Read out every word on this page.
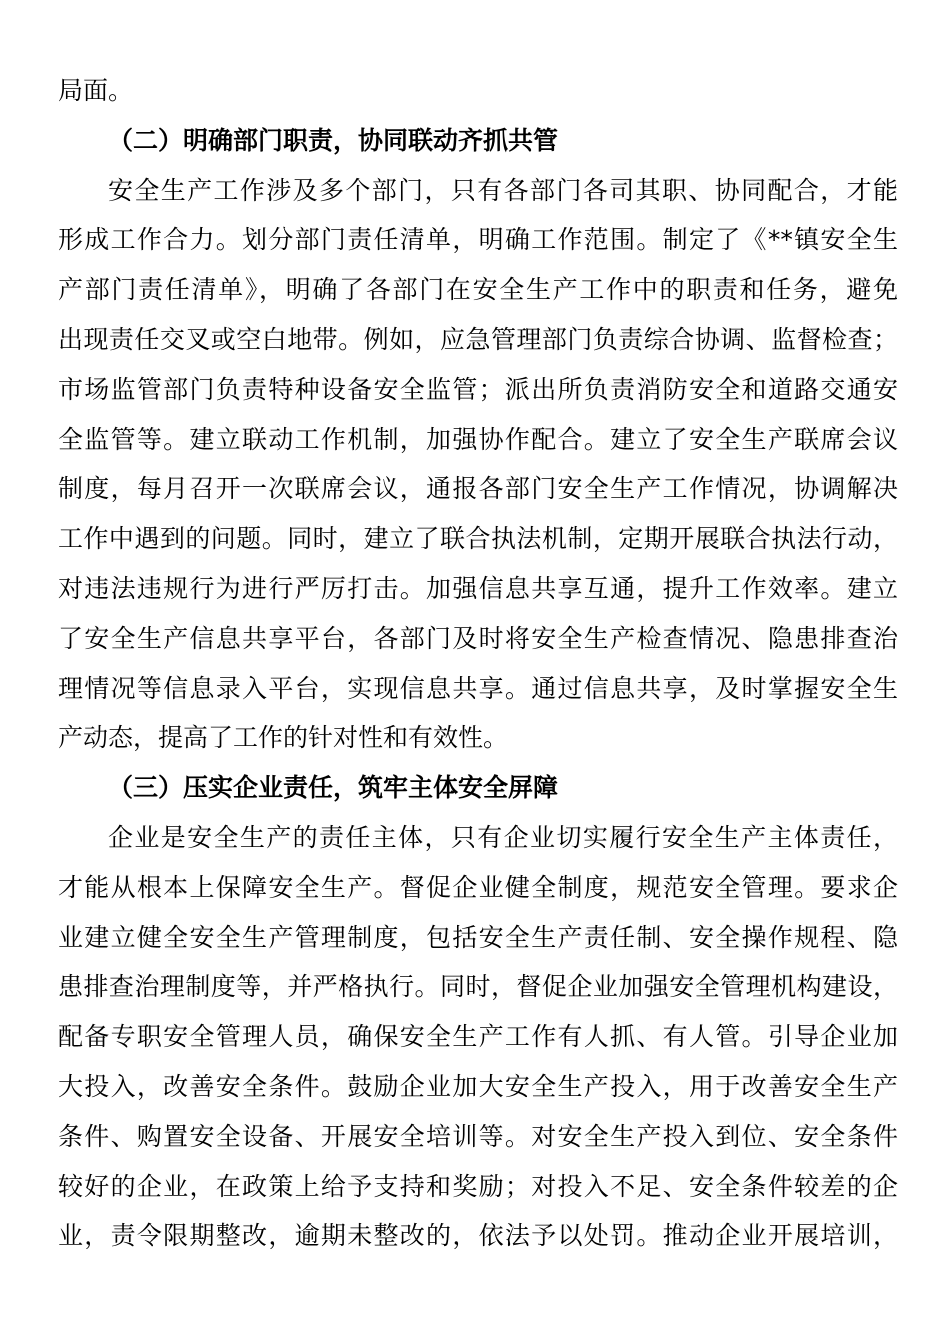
局面。
（二）明确部门职责，协同联动齐抓共管
安全生产工作涉及多个部门，只有各部门各司其职、协同配合，才能
形成工作合力。划分部门责任清单，明确工作范围。制定了《**镇安全生
产部门责任清单》，明确了各部门在安全生产工作中的职责和任务，避免
出现责任交叉或空白地带。例如，应急管理部门负责综合协调、监督检查；
市场监管部门负责特种设备安全监管；派出所负责消防安全和道路交通安
全监管等。建立联动工作机制，加强协作配合。建立了安全生产联席会议
制度，每月召开一次联席会议，通报各部门安全生产工作情况，协调解决
工作中遇到的问题。同时，建立了联合执法机制，定期开展联合执法行动，
对违法违规行为进行严厉打击。加强信息共享互通，提升工作效率。建立
了安全生产信息共享平台，各部门及时将安全生产检查情况、隐患排查治
理情况等信息录入平台，实现信息共享。通过信息共享，及时掌握安全生
产动态，提高了工作的针对性和有效性。
（三）压实企业责任，筑牢主体安全屏障
企业是安全生产的责任主体，只有企业切实履行安全生产主体责任，
才能从根本上保障安全生产。督促企业健全制度，规范安全管理。要求企
业建立健全安全生产管理制度，包括安全生产责任制、安全操作规程、隐
患排查治理制度等，并严格执行。同时，督促企业加强安全管理机构建设，
配备专职安全管理人员，确保安全生产工作有人抓、有人管。引导企业加
大投入，改善安全条件。鼓励企业加大安全生产投入，用于改善安全生产
条件、购置安全设备、开展安全培训等。对安全生产投入到位、安全条件
较好的企业，在政策上给予支持和奖励；对投入不足、安全条件较差的企
业，责令限期整改，逾期未整改的，依法予以处罚。推动企业开展培训，
